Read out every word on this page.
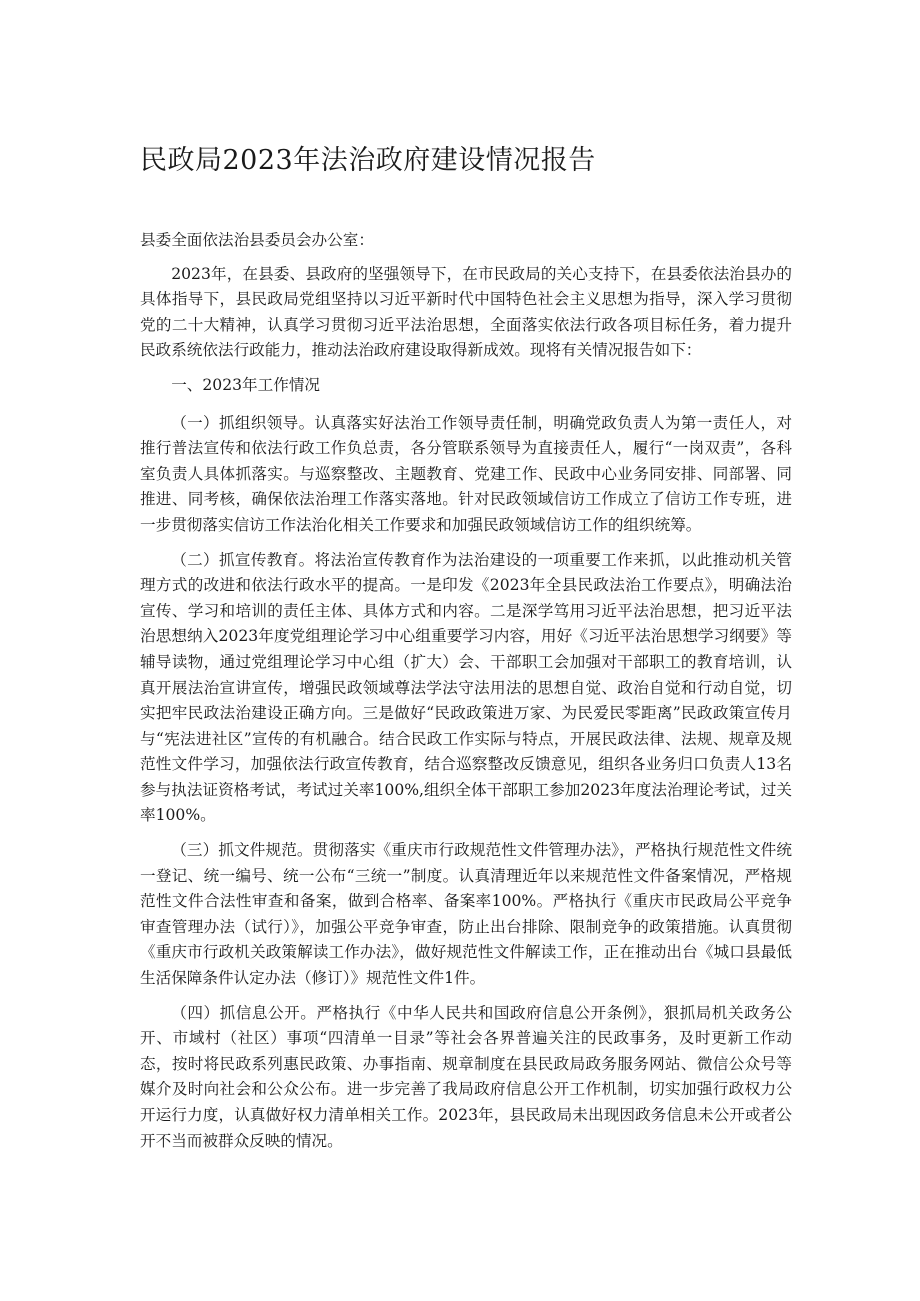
民政局2023年法治政府建设情况报告

县委全面依法治县委员会办公室：

2023年，在县委、县政府的坚强领导下，在市民政局的关心支持下，在县委依法治县办的具体指导下，县民政局党组坚持以习近平新时代中国特色社会主义思想为指导，深入学习贯彻党的二十大精神，认真学习贯彻习近平法治思想，全面落实依法行政各项目标任务，着力提升民政系统依法行政能力，推动法治政府建设取得新成效。现将有关情况报告如下：

一、2023年工作情况

（一）抓组织领导。认真落实好法治工作领导责任制，明确党政负责人为第一责任人，对推行普法宣传和依法行政工作负总责，各分管联系领导为直接责任人，履行“一岗双责”，各科室负责人具体抓落实。与巡察整改、主题教育、党建工作、民政中心业务同安排、同部署、同推进、同考核，确保依法治理工作落实落地。针对民政领域信访工作成立了信访工作专班，进一步贯彻落实信访工作法治化相关工作要求和加强民政领域信访工作的组织统筹。

（二）抓宣传教育。将法治宣传教育作为法治建设的一项重要工作来抓，以此推动机关管理方式的改进和依法行政水平的提高。一是印发《2023年全县民政法治工作要点》，明确法治宣传、学习和培训的责任主体、具体方式和内容。二是深学笃用习近平法治思想，把习近平法治思想纳入2023年度党组理论学习中心组重要学习内容，用好《习近平法治思想学习纲要》等辅导读物，通过党组理论学习中心组（扩大）会、干部职工会加强对干部职工的教育培训，认真开展法治宣讲宣传，增强民政领域尊法学法守法用法的思想自觉、政治自觉和行动自觉，切实把牢民政法治建设正确方向。三是做好“民政政策进万家、为民爱民零距离”民政政策宣传月与“宪法进社区”宣传的有机融合。结合民政工作实际与特点，开展民政法律、法规、规章及规范性文件学习，加强依法行政宣传教育，结合巡察整改反馈意见，组织各业务归口负责人13名参与执法证资格考试，考试过关率100%,组织全体干部职工参加2023年度法治理论考试，过关率100%。

（三）抓文件规范。贯彻落实《重庆市行政规范性文件管理办法》，严格执行规范性文件统一登记、统一编号、统一公布“三统一”制度。认真清理近年以来规范性文件备案情况，严格规范性文件合法性审查和备案，做到合格率、备案率100%。严格执行《重庆市民政局公平竞争审查管理办法（试行）》，加强公平竞争审查，防止出台排除、限制竞争的政策措施。认真贯彻《重庆市行政机关政策解读工作办法》，做好规范性文件解读工作，正在推动出台《城口县最低生活保障条件认定办法（修订）》规范性文件1件。

（四）抓信息公开。严格执行《中华人民共和国政府信息公开条例》，狠抓局机关政务公开、市域村（社区）事项“四清单一目录”等社会各界普遍关注的民政事务，及时更新工作动态，按时将民政系列惠民政策、办事指南、规章制度在县民政局政务服务网站、微信公众号等媒介及时向社会和公众公布。进一步完善了我局政府信息公开工作机制，切实加强行政权力公开运行力度，认真做好权力清单相关工作。2023年，县民政局未出现因政务信息未公开或者公开不当而被群众反映的情况。
